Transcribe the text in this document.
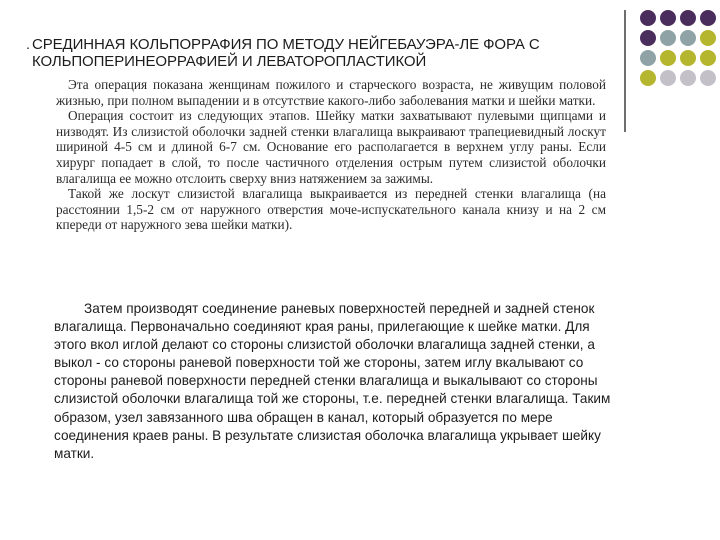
. СРЕДИННАЯ КОЛЬПОРРАФИЯ ПО МЕТОДУ НЕЙГЕБАУЭРА-ЛЕ ФОРА С
КОЛЬПОПЕРИНЕОРРАФИЕЙ И ЛЕВАТОРОПЛАСТИКОЙ

Эта операция показана женщинам пожилого и старческого возраста, не живущим половой жизнью, при полном выпадении и в отсутствие какого-либо заболевания матки и шейки матки.

Операция состоит из следующих этапов. Шейку матки захватывают пулевыми щипцами и низводят. Из слизистой оболочки задней стенки влагалища выкраивают трапециевидный лоскут шириной 4-5 см и длиной 6-7 см. Основание его располагается в верхнем углу раны. Если хирург попадает в слой, то после частичного отделения острым путем слизистой оболочки влагалища ее можно отслоить сверху вниз натяжением за зажимы.

Такой же лоскут слизистой влагалища выкраивается из передней стенки влагалища (на расстоянии 1,5-2 см от наружного отверстия моче-испускательного канала книзу и на 2 см кпереди от наружного зева шейки матки).

Затем производят соединение раневых поверхностей передней и задней стенок влагалища. Первоначально соединяют края раны, прилегающие к шейке матки. Для этого вкол иглой делают со стороны слизистой оболочки влагалища задней стенки, а выкол - со стороны раневой поверхности той же стороны, затем иглу вкалывают со стороны раневой поверхности передней стенки влагалища и выкалывают со стороны слизистой оболочки влагалища той же стороны, т.е. передней стенки влагалища. Таким образом, узел завязанного шва обращен в канал, который образуется по мере соединения краев раны. В результате слизистая оболочка влагалища укрывает шейку матки.
